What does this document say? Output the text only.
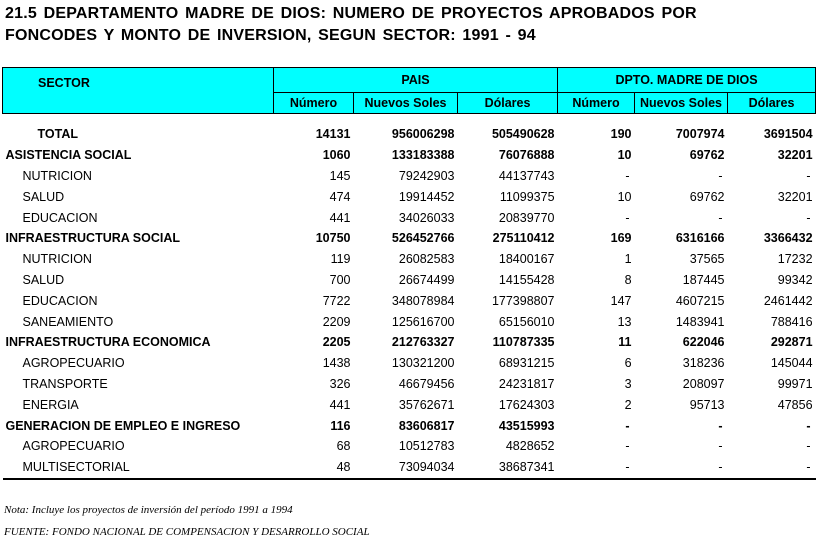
21.5 DEPARTAMENTO MADRE DE DIOS: NUMERO DE PROYECTOS APROBADOS POR
FONCODES Y MONTO DE INVERSION, SEGUN SECTOR: 1991 - 94
SECTOR	PAIS			DPTO. MADRE DE DIOS		
	Número	Nuevos Soles	Dólares	Número	Nuevos Soles	Dólares

TOTAL	14131	956006298	505490628	190	7007974	3691504
ASISTENCIA SOCIAL	1060	133183388	76076888	10	69762	32201
NUTRICION	145	79242903	44137743	-	-	-
SALUD	474	19914452	11099375	10	69762	32201
EDUCACION	441	34026033	20839770	-	-	-
INFRAESTRUCTURA SOCIAL	10750	526452766	275110412	169	6316166	3366432
NUTRICION	119	26082583	18400167	1	37565	17232
SALUD	700	26674499	14155428	8	187445	99342
EDUCACION	7722	348078984	177398807	147	4607215	2461442
SANEAMIENTO	2209	125616700	65156010	13	1483941	788416
INFRAESTRUCTURA ECONOMICA	2205	212763327	110787335	11	622046	292871
AGROPECUARIO	1438	130321200	68931215	6	318236	145044
TRANSPORTE	326	46679456	24231817	3	208097	99971
ENERGIA	441	35762671	17624303	2	95713	47856
GENERACION DE EMPLEO E INGRESO	116	83606817	43515993	-	-	-
AGROPECUARIO	68	10512783	4828652	-	-	-
MULTISECTORIAL	48	73094034	38687341	-	-	-
Nota: Incluye los proyectos de inversión del período 1991 a 1994
FUENTE: FONDO NACIONAL DE COMPENSACION Y DESARROLLO SOCIAL
